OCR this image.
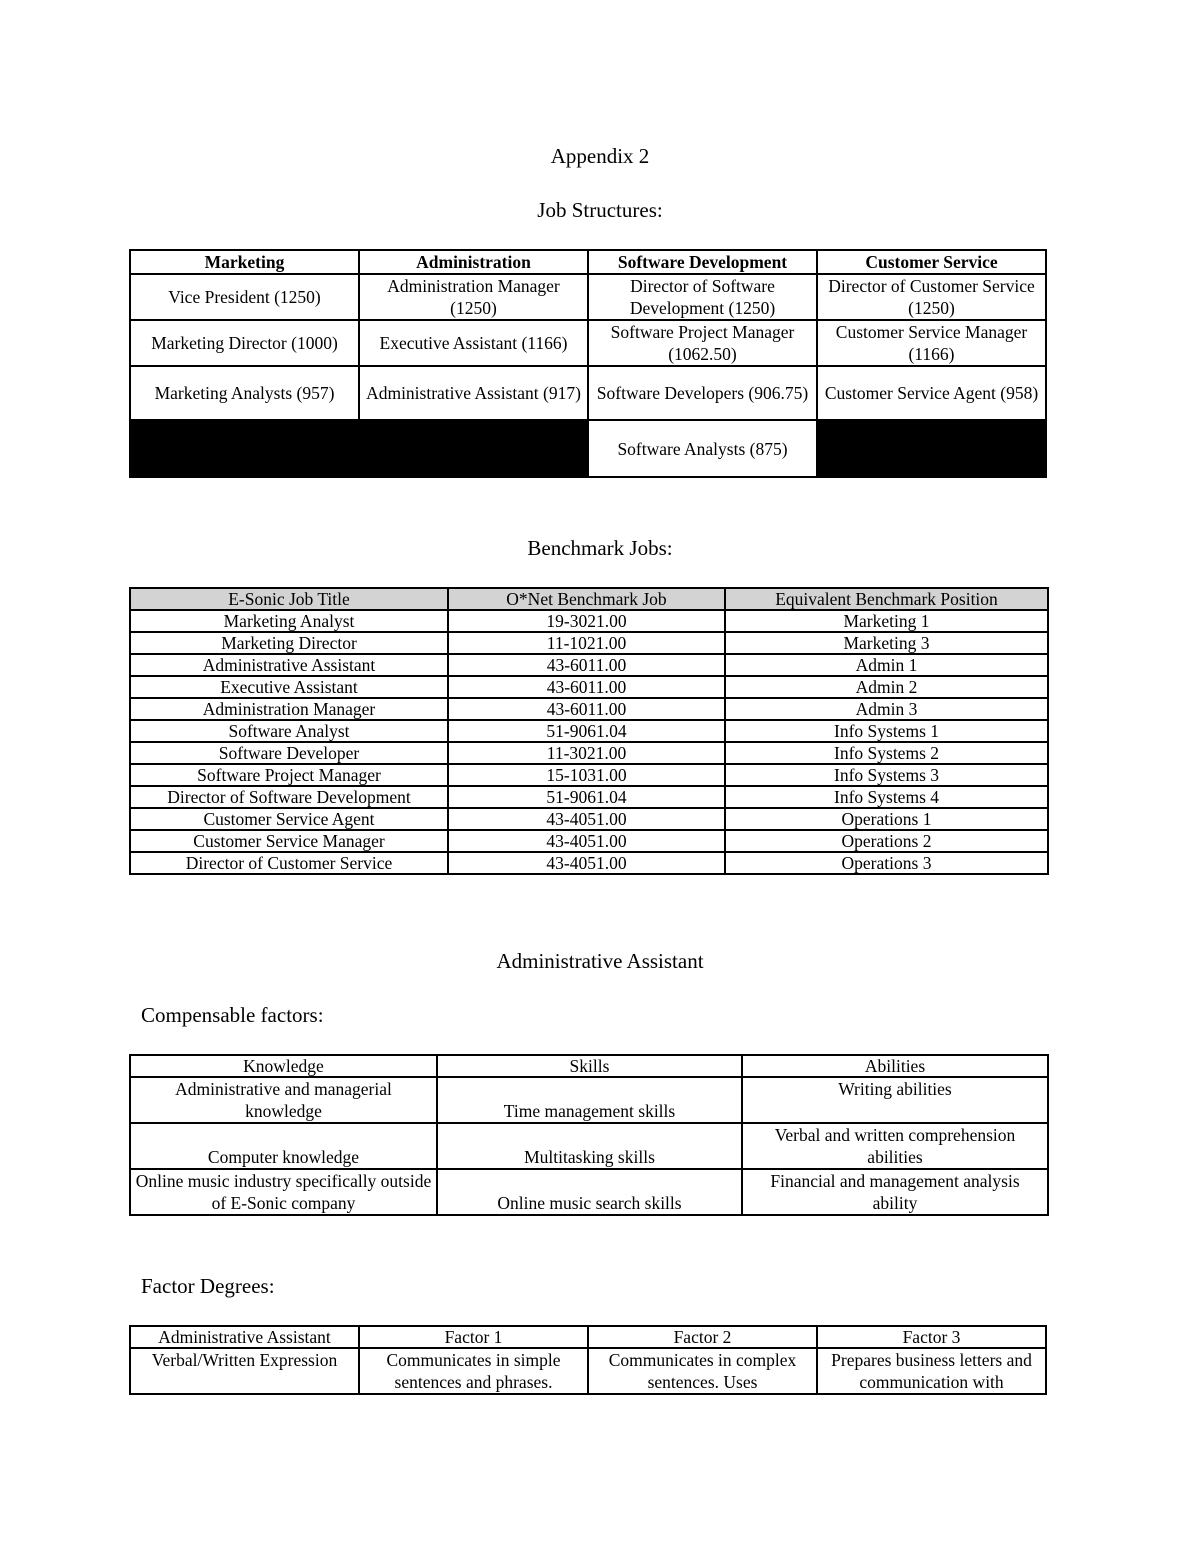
Appendix 2
Job Structures:
Marketing	Administration	Software Development	Customer Service
Vice President (1250)	Administration Manager (1250)	Director of Software Development (1250)	Director of Customer Service (1250)
Marketing Director (1000)	Executive Assistant (1166)	Software Project Manager (1062.50)	Customer Service Manager (1166)
Marketing Analysts (957)	Administrative Assistant (917)	Software Developers (906.75)	Customer Service Agent (958)
		Software Analysts (875)	
Benchmark Jobs:
E-Sonic Job Title	O*Net Benchmark Job	Equivalent Benchmark Position
Marketing Analyst	19-3021.00	Marketing 1
Marketing Director	11-1021.00	Marketing 3
Administrative Assistant	43-6011.00	Admin 1
Executive Assistant	43-6011.00	Admin 2
Administration Manager	43-6011.00	Admin 3
Software Analyst	51-9061.04	Info Systems 1
Software Developer	11-3021.00	Info Systems 2
Software Project Manager	15-1031.00	Info Systems 3
Director of Software Development	51-9061.04	Info Systems 4
Customer Service Agent	43-4051.00	Operations 1
Customer Service Manager	43-4051.00	Operations 2
Director of Customer Service	43-4051.00	Operations 3
Administrative Assistant
Compensable factors:
Knowledge	Skills	Abilities
Administrative and managerial knowledge	Time management skills	Writing abilities
Computer knowledge	Multitasking skills	Verbal and written comprehension abilities
Online music industry specifically outside of E-Sonic company	Online music search skills	Financial and management analysis ability
Factor Degrees:
Administrative Assistant	Factor 1	Factor 2	Factor 3
Verbal/Written Expression	Communicates in simple sentences and phrases.	Communicates in complex sentences. Uses	Prepares business letters and communication with
